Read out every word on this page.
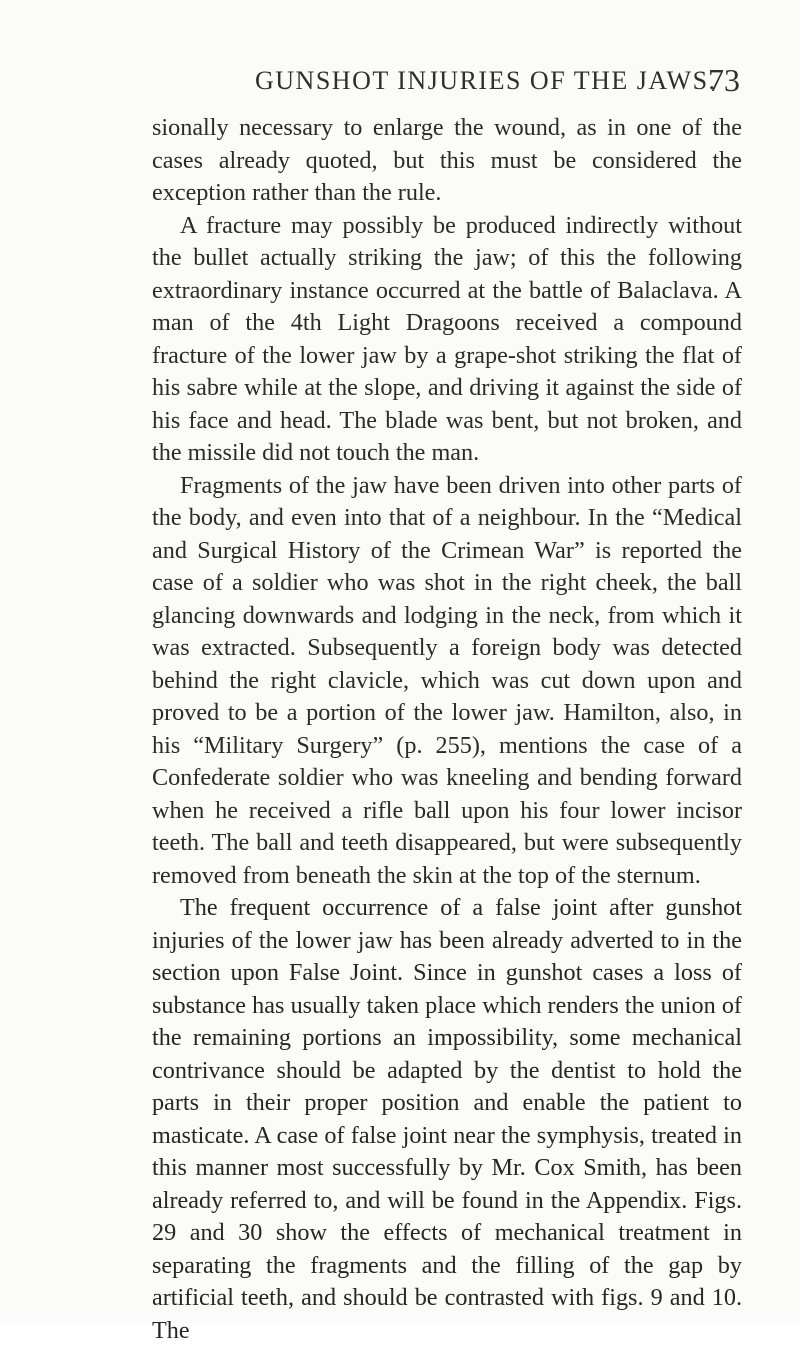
GUNSHOT INJURIES OF THE JAWS.
73

sionally necessary to enlarge the wound, as in one of the cases already quoted, but this must be considered the exception rather than the rule.

A fracture may possibly be produced indirectly without the bullet actually striking the jaw; of this the following extraordinary instance occurred at the battle of Balaclava. A man of the 4th Light Dragoons received a compound fracture of the lower jaw by a grape-shot striking the flat of his sabre while at the slope, and driving it against the side of his face and head. The blade was bent, but not broken, and the missile did not touch the man.

Fragments of the jaw have been driven into other parts of the body, and even into that of a neighbour. In the “Medical and Surgical History of the Crimean War” is reported the case of a soldier who was shot in the right cheek, the ball glancing downwards and lodging in the neck, from which it was extracted. Subsequently a foreign body was detected behind the right clavicle, which was cut down upon and proved to be a portion of the lower jaw. Hamilton, also, in his “Military Surgery” (p. 255), mentions the case of a Confederate soldier who was kneeling and bending forward when he received a rifle ball upon his four lower incisor teeth. The ball and teeth disappeared, but were subsequently removed from beneath the skin at the top of the sternum.

The frequent occurrence of a false joint after gunshot injuries of the lower jaw has been already adverted to in the section upon False Joint. Since in gunshot cases a loss of substance has usually taken place which renders the union of the remaining portions an impossibility, some mechanical contrivance should be adapted by the dentist to hold the parts in their proper position and enable the patient to masticate. A case of false joint near the symphysis, treated in this manner most successfully by Mr. Cox Smith, has been already referred to, and will be found in the Appendix. Figs. 29 and 30 show the effects of mechanical treatment in separating the fragments and the filling of the gap by artificial teeth, and should be contrasted with figs. 9 and 10. The
